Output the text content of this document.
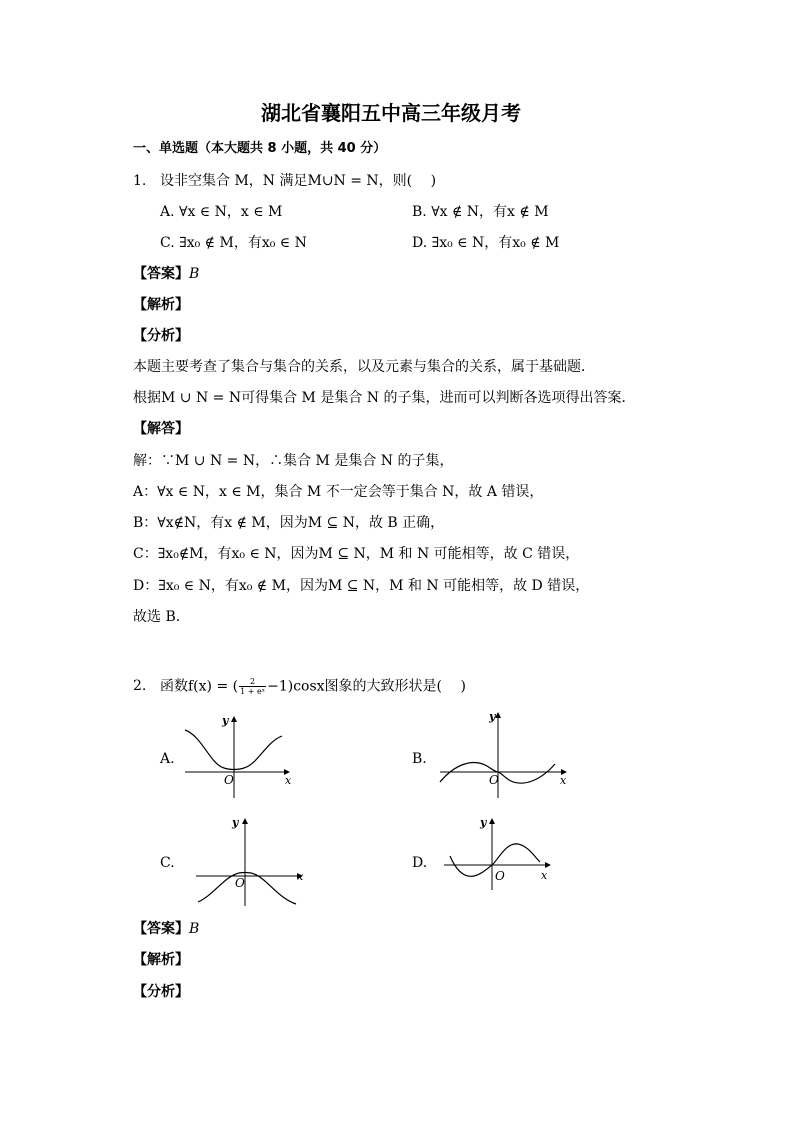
湖北省襄阳五中高三年级月考
一、单选题（本大题共 8 小题，共 40 分）
1. 设非空集合 M，N 满足M∪N = N，则(　 )
A. ∀x ∈ N，x ∈ M	B. ∀x ∉ N，有x ∉ M
C. ∃x₀ ∉ M，有x₀ ∈ N	D. ∃x₀ ∈ N，有x₀ ∉ M
【答案】B
【解析】
【分析】
本题主要考查了集合与集合的关系，以及元素与集合的关系，属于基础题．
根据M ∪ N = N可得集合 M 是集合 N 的子集，进而可以判断各选项得出答案．
【解答】
解：∵M ∪ N = N，∴集合 M 是集合 N 的子集，
A：∀x ∈ N，x ∈ M，集合 M 不一定会等于集合 N，故 A 错误，
B：∀x∉N，有x ∉ M，因为M ⊆ N，故 B 正确，
C：∃x₀∉M，有x₀ ∈ N，因为M ⊆ N，M 和 N 可能相等，故 C 错误，
D：∃x₀ ∈ N，有x₀ ∉ M，因为M ⊆ N，M 和 N 可能相等，故 D 错误，
故选 B.
2. 函数f(x) = ( $\frac{2}{\text{1 + eˣ}} -1)\cos x$图象的大致形状是(　 )
A.	B.
C.	D.
O	x
y
O	x
y
O	x
y
O	x
y
【答案】B
【解析】
【分析】
